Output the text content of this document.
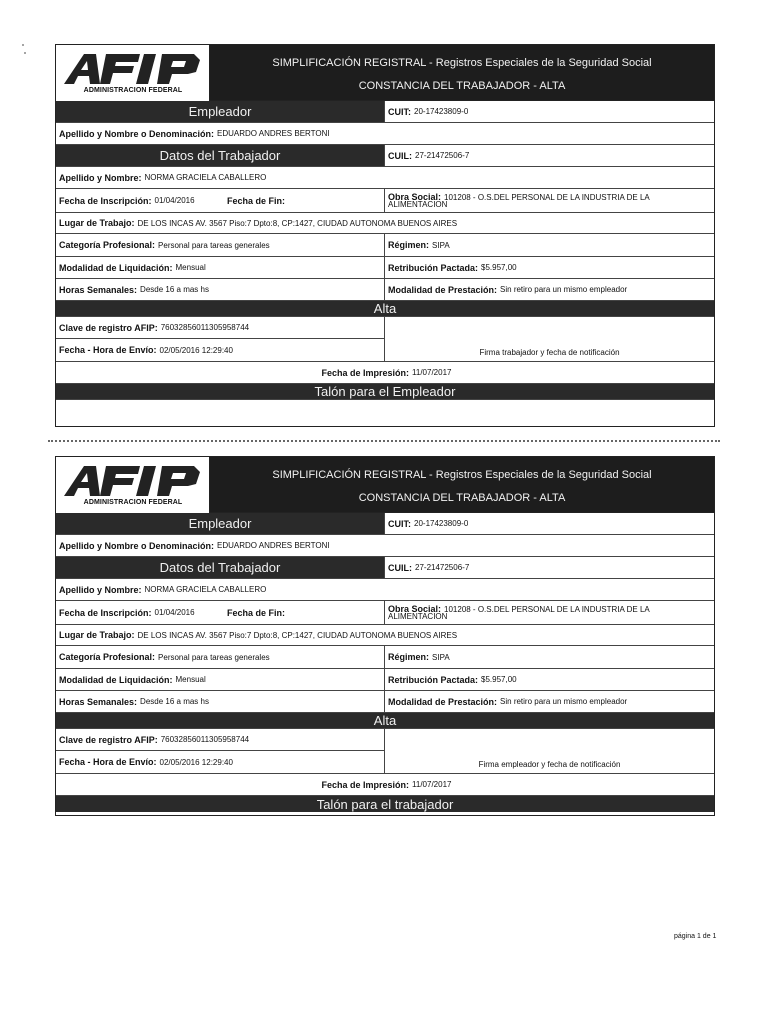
ADMINISTRACION FEDERAL
SIMPLIFICACIÓN REGISTRAL - Registros Especiales de la Seguridad Social
CONSTANCIA DEL TRABAJADOR - ALTA
Empleador	CUIT: 20-17423809-0
Apellido y Nombre o Denominación: EDUARDO ANDRES BERTONI
Datos del Trabajador	CUIL: 27-21472506-7
Apellido y Nombre: NORMA GRACIELA CABALLERO
Fecha de Inscripción: 01/04/2016	Fecha de Fin:	Obra Social: 101208 - O.S.DEL PERSONAL DE LA INDUSTRIA DE LA
ALIMENTACION
Lugar de Trabajo: DE LOS INCAS AV. 3567 Piso:7 Dpto:8, CP:1427, CIUDAD AUTONOMA BUENOS AIRES
Categoría Profesional: Personal para tareas generales	Régimen: SIPA
Modalidad de Liquidación: Mensual	Retribución Pactada: $5.957,00
Horas Semanales: Desde 16 a mas hs	Modalidad de Prestación: Sin retiro para un mismo empleador
Alta
Clave de registro AFIP: 76032856011305958744
Fecha - Hora de Envío: 02/05/2016 12:29:40	Firma trabajador y fecha de notificación
Fecha de Impresión: 11/07/2017
Talón para el Empleador
ADMINISTRACION FEDERAL
SIMPLIFICACIÓN REGISTRAL - Registros Especiales de la Seguridad Social
CONSTANCIA DEL TRABAJADOR - ALTA
Empleador	CUIT: 20-17423809-0
Apellido y Nombre o Denominación: EDUARDO ANDRES BERTONI
Datos del Trabajador	CUIL: 27-21472506-7
Apellido y Nombre: NORMA GRACIELA CABALLERO
Fecha de Inscripción: 01/04/2016	Fecha de Fin:	Obra Social: 101208 - O.S.DEL PERSONAL DE LA INDUSTRIA DE LA
ALIMENTACION
Lugar de Trabajo: DE LOS INCAS AV. 3567 Piso:7 Dpto:8, CP:1427, CIUDAD AUTONOMA BUENOS AIRES
Categoría Profesional: Personal para tareas generales	Régimen: SIPA
Modalidad de Liquidación: Mensual	Retribución Pactada: $5.957,00
Horas Semanales: Desde 16 a mas hs	Modalidad de Prestación: Sin retiro para un mismo empleador
Alta
Clave de registro AFIP: 76032856011305958744
Fecha - Hora de Envío: 02/05/2016 12:29:40	Firma empleador y fecha de notificación
Fecha de Impresión: 11/07/2017
Talón para el trabajador
página 1 de 1
